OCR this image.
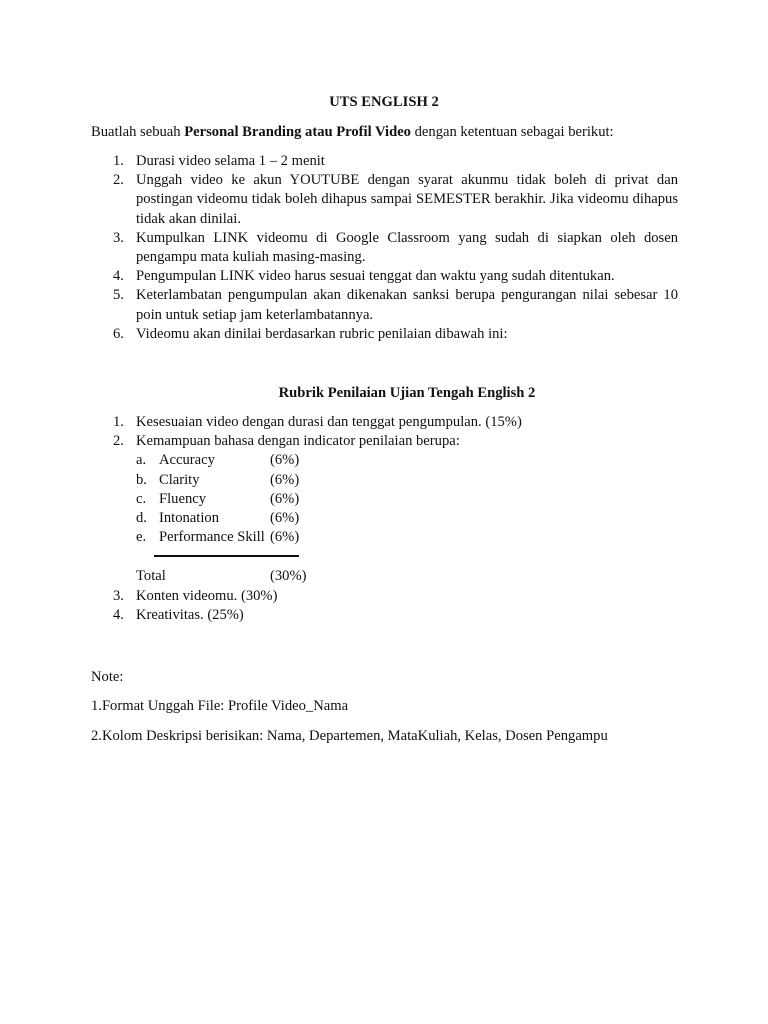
UTS ENGLISH 2
Buatlah sebuah Personal Branding atau Profil Video dengan ketentuan sebagai berikut:
1. Durasi video selama 1 – 2 menit
2. Unggah video ke akun YOUTUBE dengan syarat akunmu tidak boleh di privat dan postingan videomu tidak boleh dihapus sampai SEMESTER berakhir. Jika videomu dihapus tidak akan dinilai.
3. Kumpulkan LINK videomu di Google Classroom yang sudah di siapkan oleh dosen pengampu mata kuliah masing-masing.
4. Pengumpulan LINK video harus sesuai tenggat dan waktu yang sudah ditentukan.
5. Keterlambatan pengumpulan akan dikenakan sanksi berupa pengurangan nilai sebesar 10 poin untuk setiap jam keterlambatannya.
6. Videomu akan dinilai berdasarkan rubric penilaian dibawah ini:
Rubrik Penilaian Ujian Tengah English 2
1. Kesesuaian video dengan durasi dan tenggat pengumpulan. (15%)
2. Kemampuan bahasa dengan indicator penilaian berupa:
a. Accuracy	(6%)
b. Clarity	(6%)
c. Fluency	(6%)
d. Intonation	(6%)
e. Performance Skill (6%)
Total	(30%)
3. Konten videomu. (30%)
4. Kreativitas. (25%)
Note:
1.Format Unggah File: Profile Video_Nama
2.Kolom Deskripsi berisikan: Nama, Departemen, MataKuliah, Kelas, Dosen Pengampu
